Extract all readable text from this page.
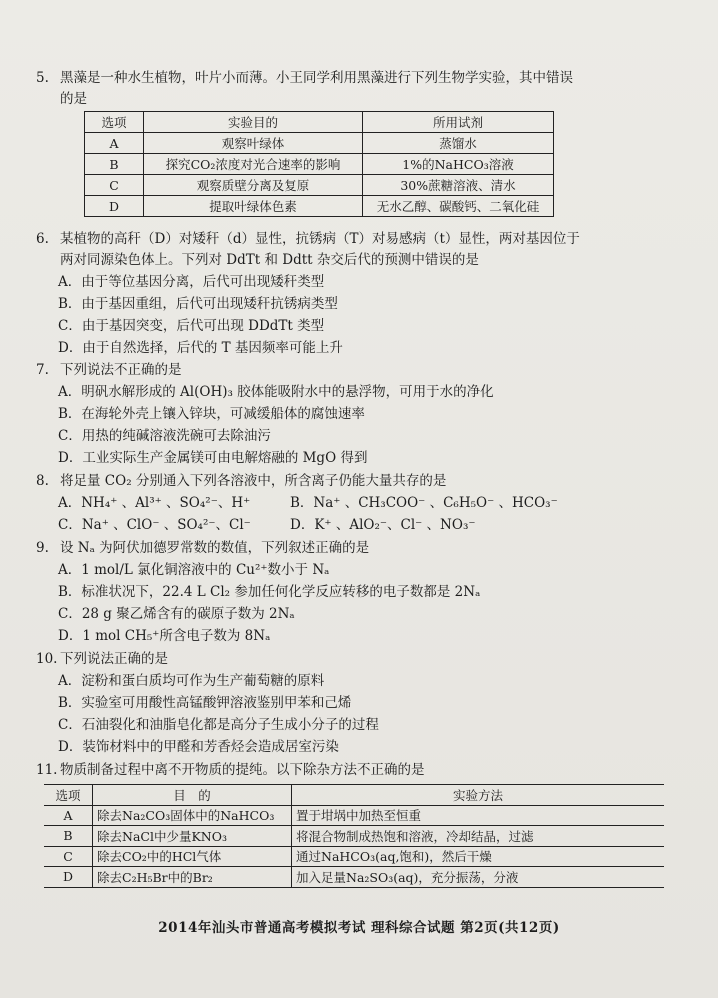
5. 黑藻是一种水生植物，叶片小而薄。小王同学利用黑藻进行下列生物学实验，其中错误
的是
选项	实验目的	所用试剂
A	观察叶绿体	蒸馏水
B	探究CO₂浓度对光合速率的影响	1%的NaHCO₃溶液
C	观察质壁分离及复原	30%蔗糖溶液、清水
D	提取叶绿体色素	无水乙醇、碳酸钙、二氧化硅
6. 某植物的高秆（D）对矮秆（d）显性，抗锈病（T）对易感病（t）显性，两对基因位于
两对同源染色体上。下列对 DdTt 和 Ddtt 杂交后代的预测中错误的是
A．由于等位基因分离，后代可出现矮秆类型
B．由于基因重组，后代可出现矮秆抗锈病类型
C．由于基因突变，后代可出现 DDdTt 类型
D．由于自然选择，后代的 T 基因频率可能上升
7. 下列说法不正确的是
A．明矾水解形成的 Al(OH)₃ 胶体能吸附水中的悬浮物，可用于水的净化
B．在海轮外壳上镶入锌块，可减缓船体的腐蚀速率
C．用热的纯碱溶液洗碗可去除油污
D．工业实际生产金属镁可由电解熔融的 MgO 得到
8. 将足量 CO₂ 分别通入下列各溶液中，所含离子仍能大量共存的是
A．NH₄⁺ 、Al³⁺ 、SO₄²⁻、H⁺	B．Na⁺ 、CH₃COO⁻ 、C₆H₅O⁻ 、HCO₃⁻
C．Na⁺ 、ClO⁻ 、SO₄²⁻、Cl⁻	D．K⁺ 、AlO₂⁻、Cl⁻ 、NO₃⁻
9. 设 Nₐ 为阿伏加德罗常数的数值，下列叙述正确的是
A．1 mol/L 氯化铜溶液中的 Cu²⁺数小于 Nₐ
B．标准状况下，22.4 L Cl₂ 参加任何化学反应转移的电子数都是 2Nₐ
C．28 g 聚乙烯含有的碳原子数为 2Nₐ
D．1 mol CH₅⁺所含电子数为 8Nₐ
10. 下列说法正确的是
A．淀粉和蛋白质均可作为生产葡萄糖的原料
B．实验室可用酸性高锰酸钾溶液鉴别甲苯和己烯
C．石油裂化和油脂皂化都是高分子生成小分子的过程
D．装饰材料中的甲醛和芳香烃会造成居室污染
11. 物质制备过程中离不开物质的提纯。以下除杂方法不正确的是
选项	目　的	实验方法
A	除去Na₂CO₃固体中的NaHCO₃	置于坩埚中加热至恒重
B	除去NaCl中少量KNO₃	将混合物制成热饱和溶液，冷却结晶，过滤
C	除去CO₂中的HCl气体	通过NaHCO₃(aq,饱和)，然后干燥
D	除去C₂H₅Br中的Br₂	加入足量Na₂SO₃(aq)，充分振荡，分液
2014年汕头市普通高考模拟考试 理科综合试题 第2页(共12页)
